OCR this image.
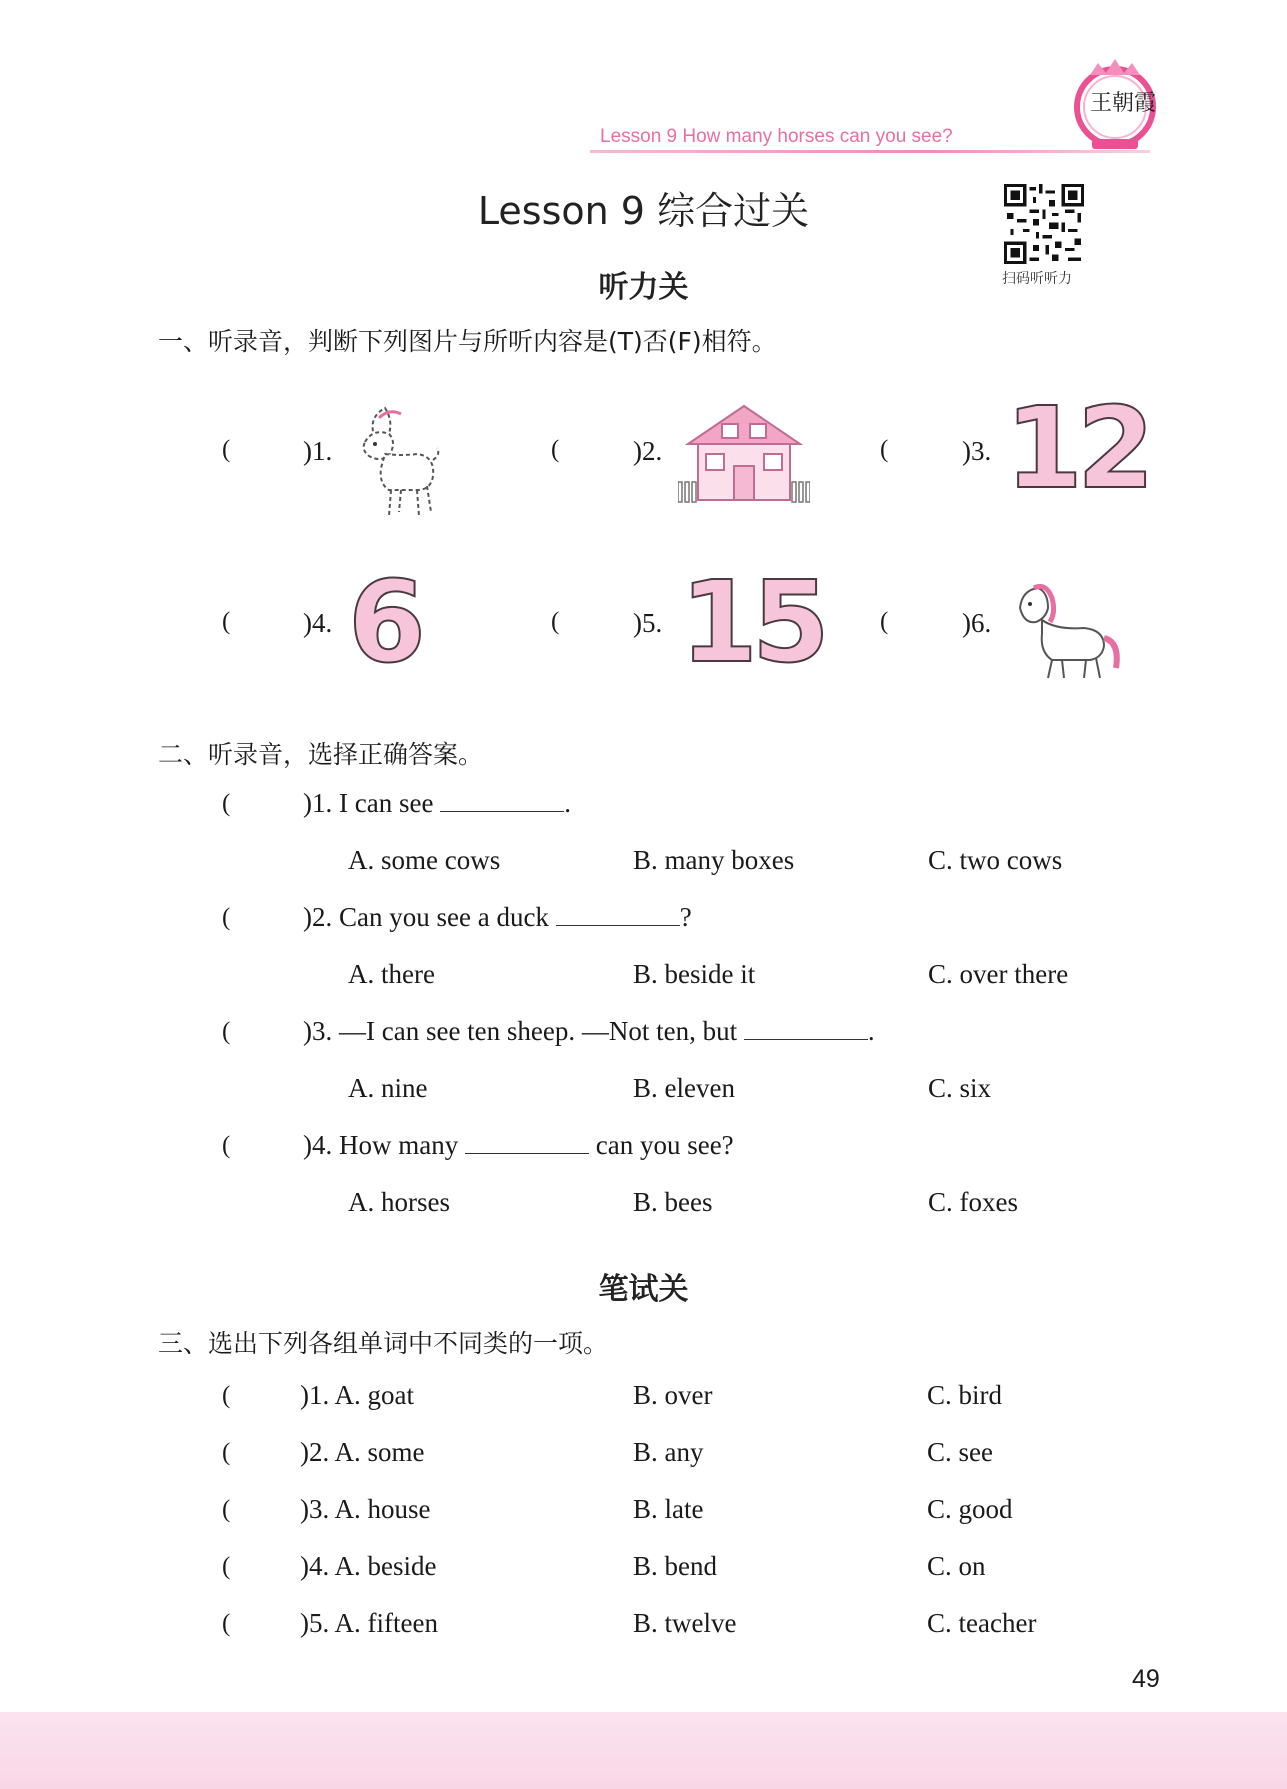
Lesson 9 How many horses can you see?
王朝霞
Lesson 9 综合过关
扫码听听力
听力关
一、听录音，判断下列图片与所听内容是(T)否(F)相符。
(	)1.	(	)2.	(	)3. 12
(	)4. 6	(	)5. 15 (	)6.
二、听录音，选择正确答案。
(	)1. I can see	.
A. some cows	B. many boxes	C. two cows
(	)2. Can you see a duck	?
A. there	B. beside it	C. over there
(	)3. —I can see ten sheep. —Not ten, but	.
A. nine	B. eleven	C. six
(	)4. How many	can you see?
A. horses	B. bees	C. foxes
笔试关
三、选出下列各组单词中不同类的一项。
(	)1. A. goat	B. over	C. bird
(	)2. A. some	B. any	C. see
(	)3. A. house	B. late	C. good
(	)4. A. beside	B. bend	C. on
(	)5. A. fifteen	B. twelve	C. teacher
49
